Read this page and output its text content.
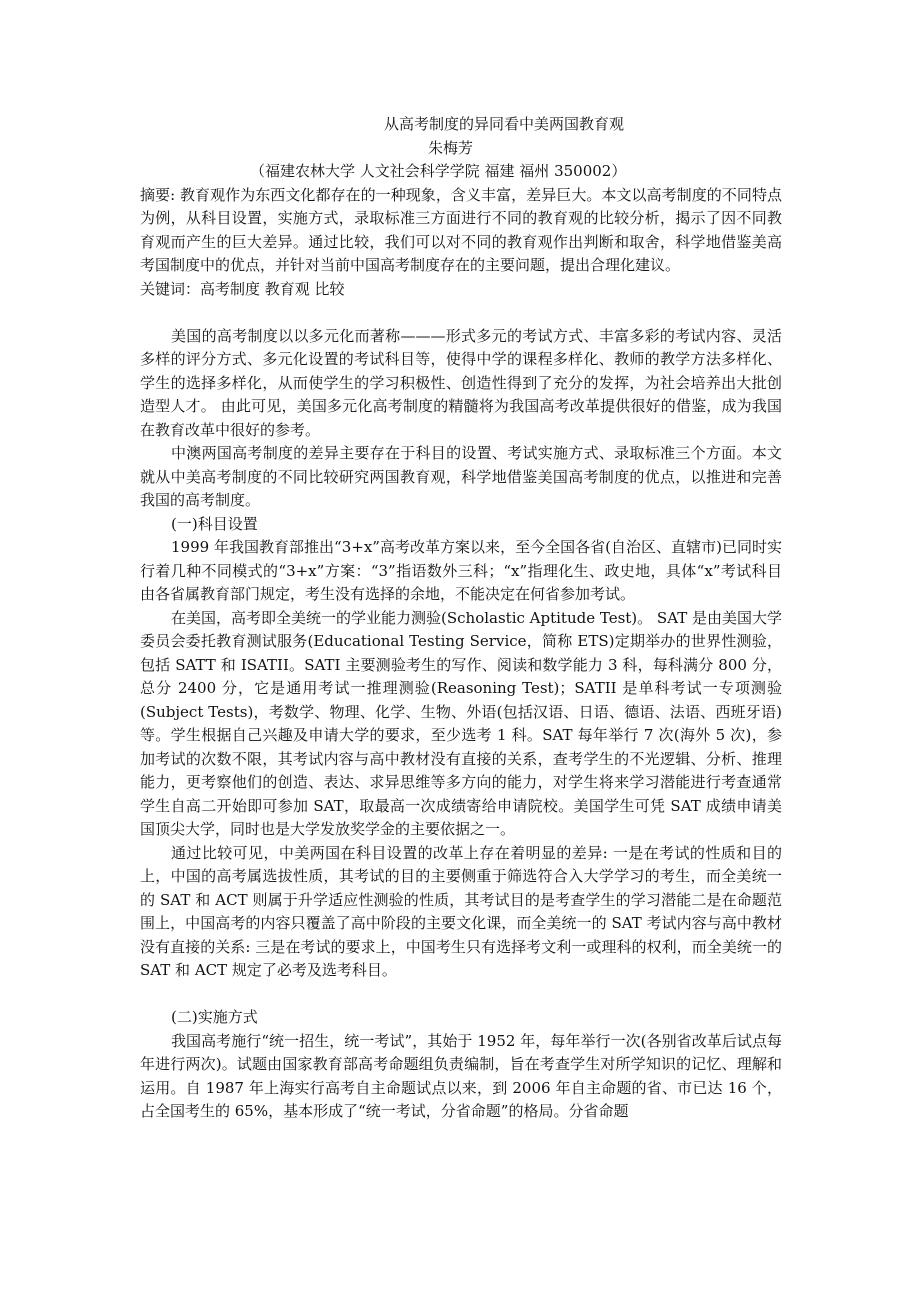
从高考制度的异同看中美两国教育观
朱梅芳
（福建农林大学 人文社会科学学院 福建 福州 350002）

摘要: 教育观作为东西文化都存在的一种现象，含义丰富，差异巨大。本文以高考制度的不同特点为例，从科目设置，实施方式，录取标准三方面进行不同的教育观的比较分析，揭示了因不同教育观而产生的巨大差异。通过比较，我们可以对不同的教育观作出判断和取舍，科学地借鉴美高考国制度中的优点，并针对当前中国高考制度存在的主要问题，提出合理化建议。

关键词：高考制度 教育观 比较

美国的高考制度以以多元化而著称———形式多元的考试方式、丰富多彩的考试内容、灵活多样的评分方式、多元化设置的考试科目等，使得中学的课程多样化、教师的教学方法多样化、学生的选择多样化，从而使学生的学习积极性、创造性得到了充分的发挥，为社会培养出大批创造型人才。 由此可见，美国多元化高考制度的精髓将为我国高考改革提供很好的借鉴，成为我国在教育改革中很好的参考。

中澳两国高考制度的差异主要存在于科目的设置、考试实施方式、录取标准三个方面。本文就从中美高考制度的不同比较研究两国教育观，科学地借鉴美国高考制度的优点，以推进和完善我国的高考制度。

(一)科目设置

1999 年我国教育部推出“3+x”高考改革方案以来，至今全国各省(自治区、直辖市)已同时实行着几种不同模式的“3+x”方案：“3”指语数外三科；“x”指理化生、政史地，具体“x”考试科目由各省属教育部门规定，考生没有选择的余地，不能决定在何省参加考试。

在美国，高考即全美统一的学业能力测验(Scholastic Aptitude Test)。 SAT 是由美国大学委员会委托教育测试服务(Educational Testing Service，简称 ETS)定期举办的世界性测验，包括 SATT 和 ISATII。SATI 主要测验考生的写作、阅读和数学能力 3 科，每科满分 800 分，总分 2400 分，它是通用考试一推理测验(Reasoning Test)；SATII 是单科考试一专项测验(Subject Tests)，考数学、物理、化学、生物、外语(包括汉语、日语、德语、法语、西班牙语)等。学生根据自己兴趣及申请大学的要求，至少选考 1 科。SAT 每年举行 7 次(海外 5 次)，参加考试的次数不限，其考试内容与高中教材没有直接的关系，查考学生的不光逻辑、分析、推理能力，更考察他们的创造、表达、求异思维等多方向的能力，对学生将来学习潜能进行考查通常学生自高二开始即可参加 SAT，取最高一次成绩寄给申请院校。美国学生可凭 SAT 成绩申请美国顶尖大学，同时也是大学发放奖学金的主要依据之一。

通过比较可见，中美两国在科目设置的改革上存在着明显的差异: 一是在考试的性质和目的上，中国的高考属选拔性质，其考试的目的主要侧重于筛选符合入大学学习的考生，而全美统一的 SAT 和 ACT 则属于升学适应性测验的性质，其考试目的是考查学生的学习潜能二是在命题范围上，中国高考的内容只覆盖了高中阶段的主要文化课，而全美统一的 SAT 考试内容与高中教材没有直接的关系: 三是在考试的要求上，中国考生只有选择考文利一或理科的权利，而全美统一的 SAT 和 ACT 规定了必考及选考科目。

(二)实施方式

我国高考施行“统一招生，统一考试”，其始于 1952 年，每年举行一次(各别省改革后试点每年进行两次)。试题由国家教育部高考命题组负责编制，旨在考查学生对所学知识的记忆、理解和运用。自 1987 年上海实行高考自主命题试点以来，到 2006 年自主命题的省、市已达 16 个，占全国考生的 65%，基本形成了“统一考试，分省命题”的格局。分省命题
